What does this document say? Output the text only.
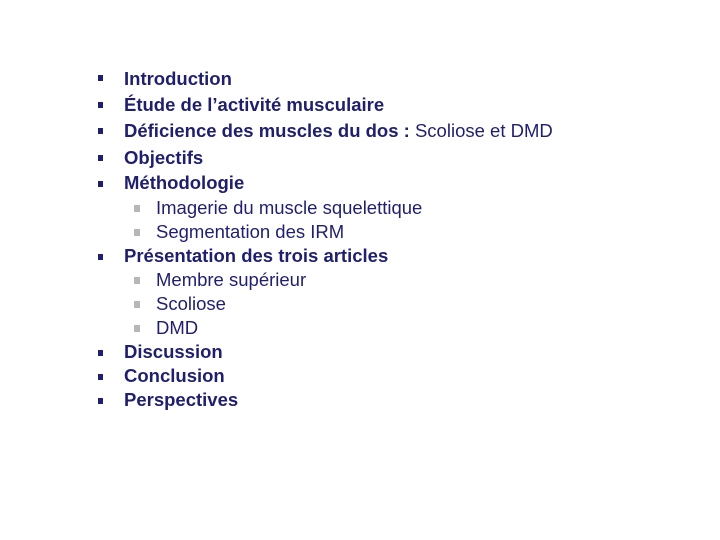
Introduction
Étude de l’activité musculaire
Déficience des muscles du dos : Scoliose et DMD
Objectifs
Méthodologie
Imagerie du muscle squelettique
Segmentation des IRM
Présentation des trois articles
Membre supérieur
Scoliose
DMD
Discussion
Conclusion
Perspectives
